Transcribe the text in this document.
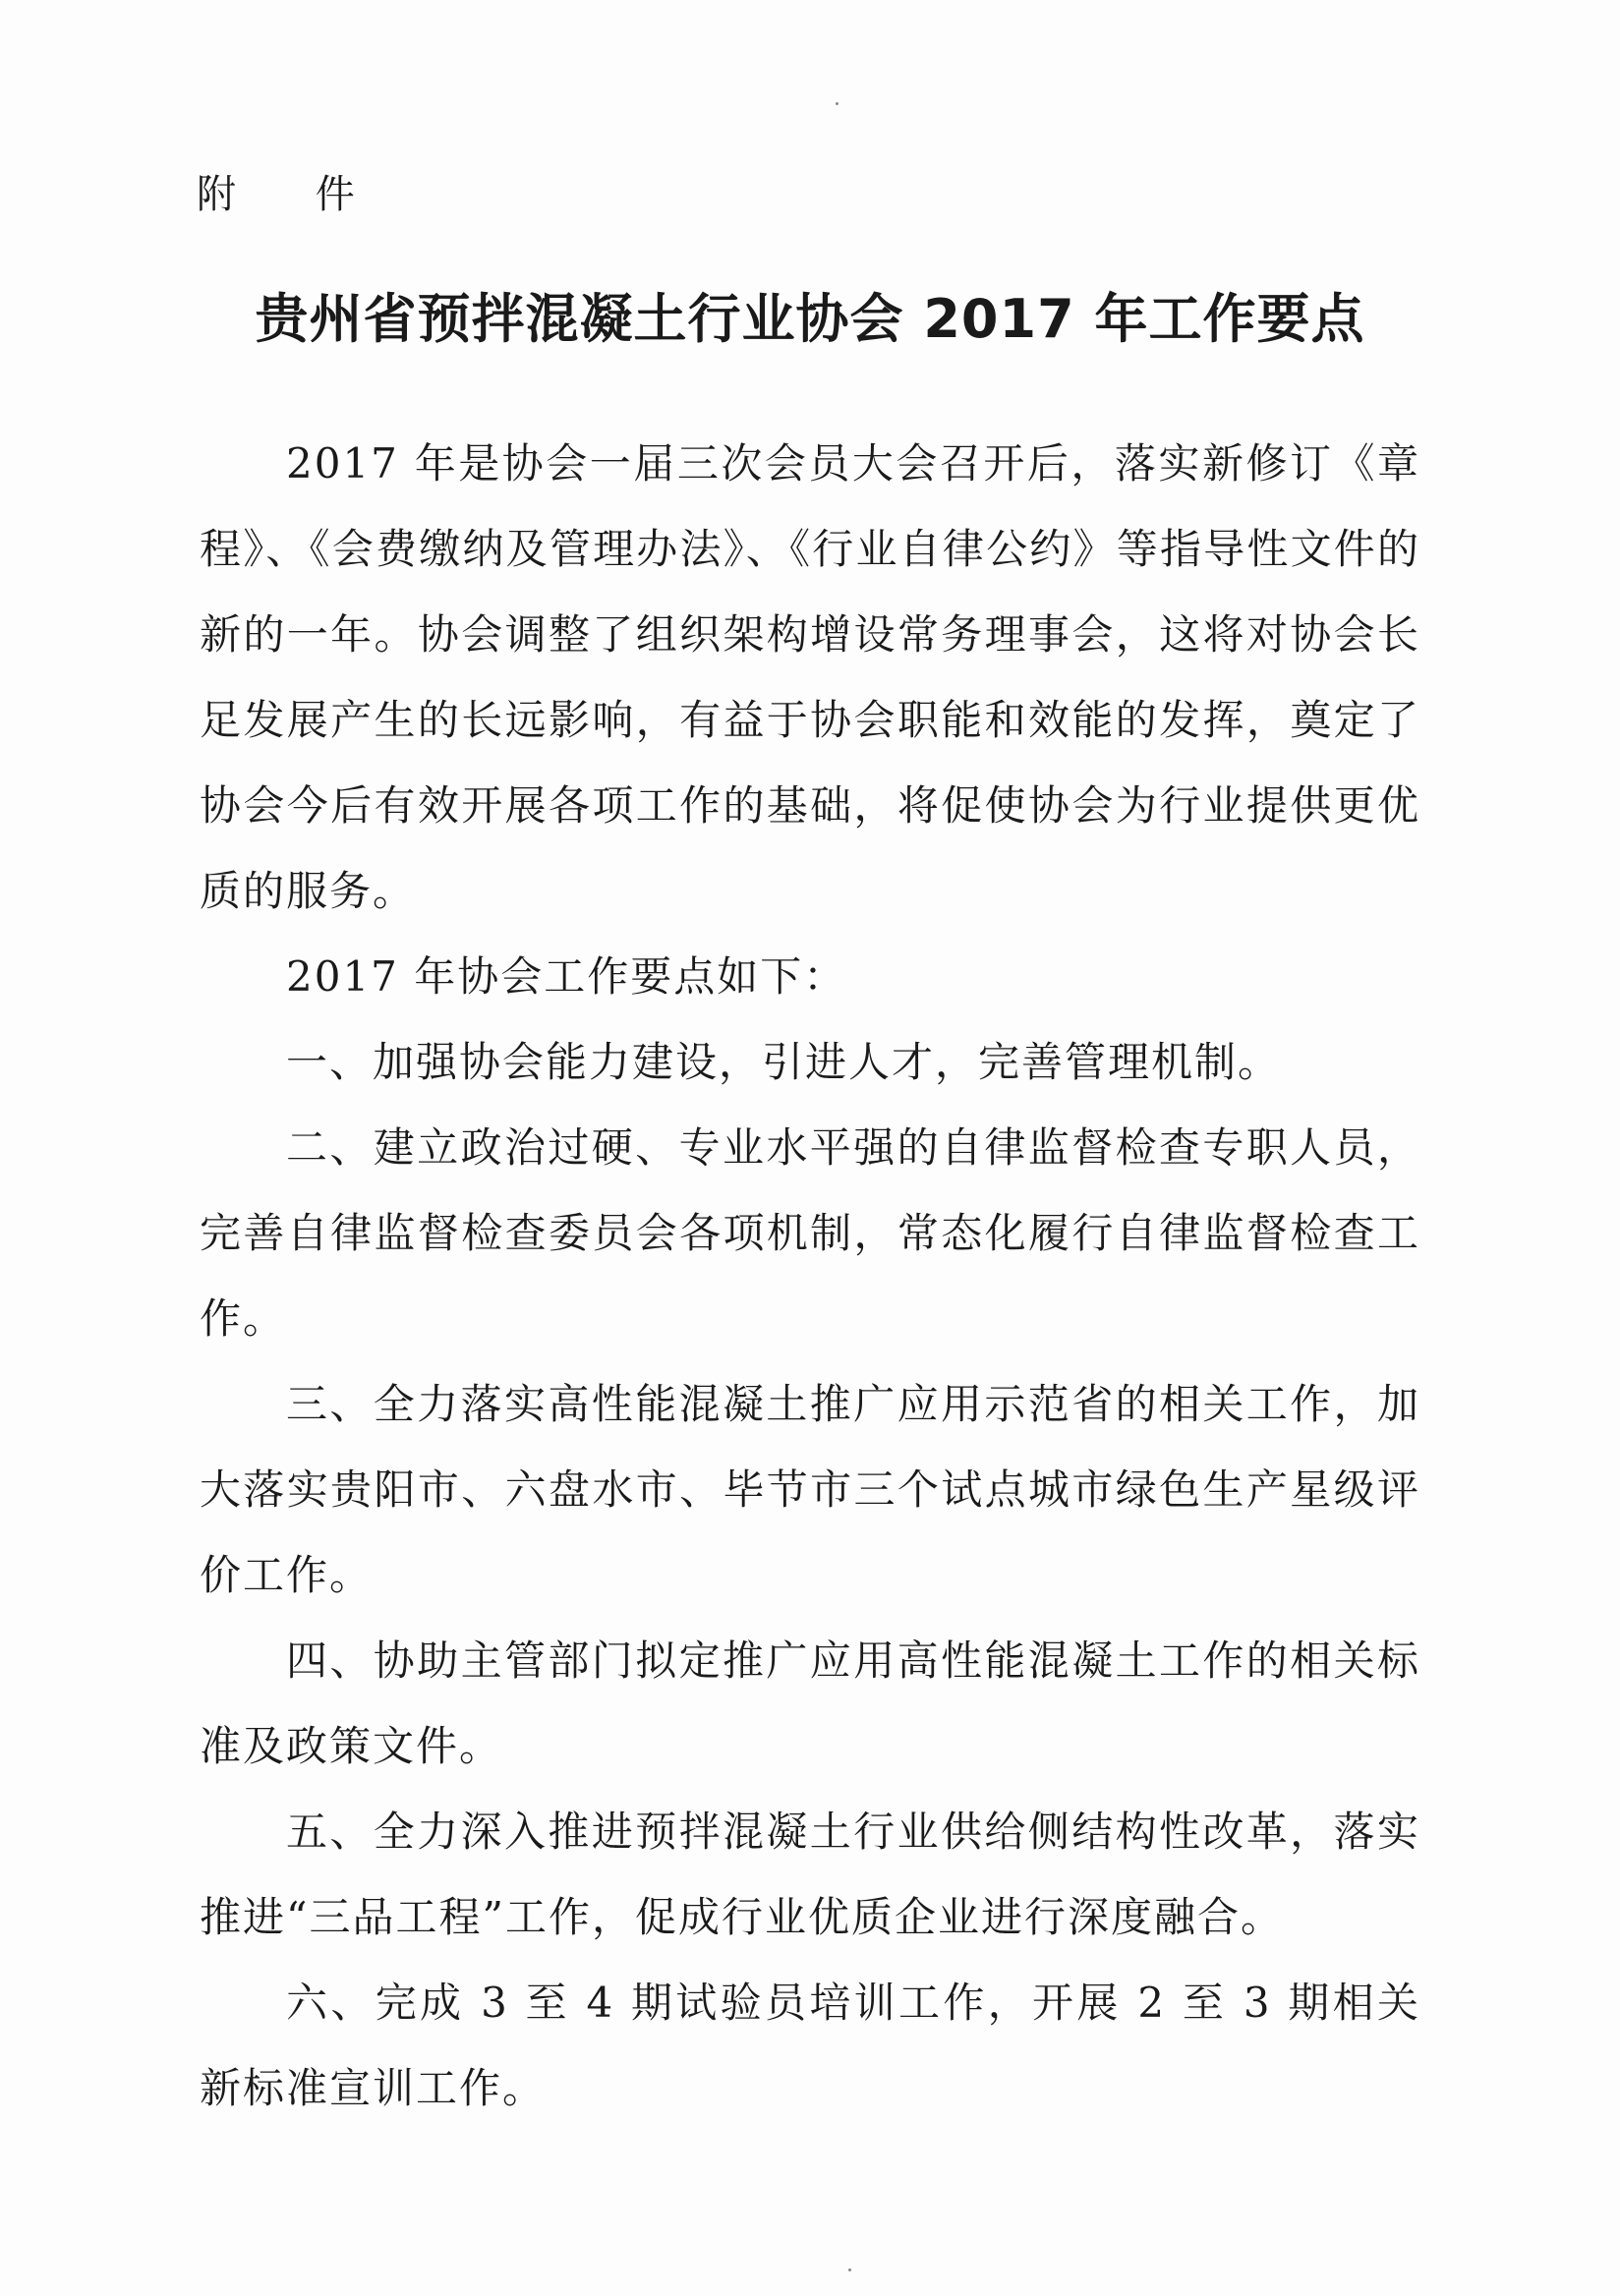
附 件
贵州省预拌混凝土行业协会 2017 年工作要点

2017 年是协会一届三次会员大会召开后，落实新修订《章程》、《会费缴纳及管理办法》、《行业自律公约》等指导性文件的新的一年。协会调整了组织架构增设常务理事会，这将对协会长足发展产生的长远影响，有益于协会职能和效能的发挥，奠定了协会今后有效开展各项工作的基础，将促使协会为行业提供更优质的服务。

2017 年协会工作要点如下：

一、加强协会能力建设，引进人才，完善管理机制。

二、建立政治过硬、专业水平强的自律监督检查专职人员，完善自律监督检查委员会各项机制，常态化履行自律监督检查工作。

三、全力落实高性能混凝土推广应用示范省的相关工作，加大落实贵阳市、六盘水市、毕节市三个试点城市绿色生产星级评价工作。

四、协助主管部门拟定推广应用高性能混凝土工作的相关标准及政策文件。

五、全力深入推进预拌混凝土行业供给侧结构性改革，落实推进“三品工程”工作，促成行业优质企业进行深度融合。

六、完成 3 至 4 期试验员培训工作，开展 2 至 3 期相关新标准宣训工作。
